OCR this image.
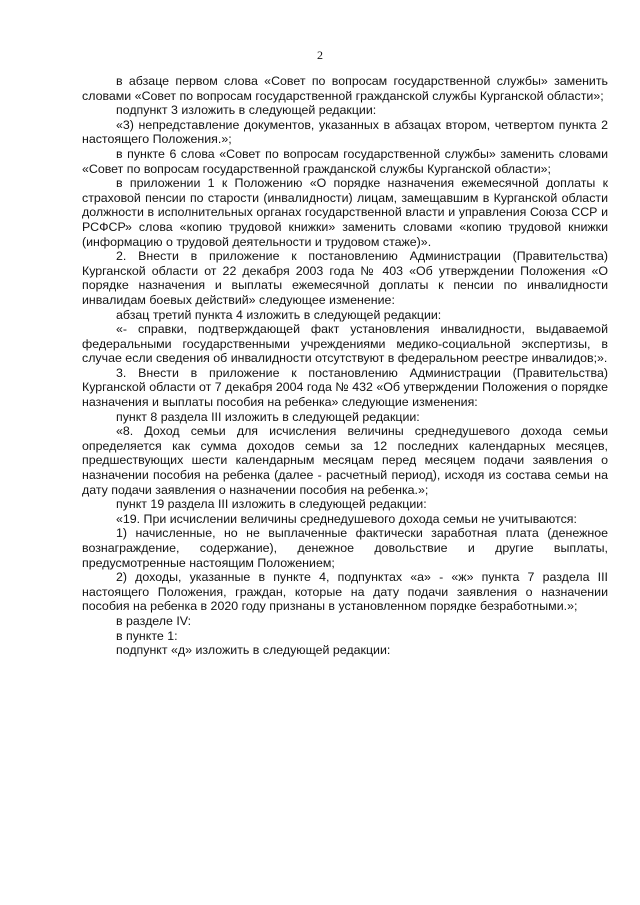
2

в абзаце первом слова «Совет по вопросам государственной службы» заменить словами «Совет по вопросам государственной гражданской службы Курганской области»;

подпункт 3 изложить в следующей редакции:

«3) непредставление документов, указанных в абзацах втором, четвертом пункта 2 настоящего Положения.»;

в пункте 6 слова «Совет по вопросам государственной службы» заменить словами «Совет по вопросам государственной гражданской службы Курганской области»;

в приложении 1 к Положению «О порядке назначения ежемесячной доплаты к страховой пенсии по старости (инвалидности) лицам, замещавшим в Курганской области должности в исполнительных органах государственной власти и управления Союза ССР и РСФСР» слова «копию трудовой книжки» заменить словами «копию трудовой книжки (информацию о трудовой деятельности и трудовом стаже)».

2. Внести в приложение к постановлению Администрации (Правительства) Курганской области от 22 декабря 2003 года № 403 «Об утверждении Положения «О порядке назначения и выплаты ежемесячной доплаты к пенсии по инвалидности инвалидам боевых действий» следующее изменение:

абзац третий пункта 4 изложить в следующей редакции:

«- справки, подтверждающей факт установления инвалидности, выдаваемой федеральными государственными учреждениями медико-социальной экспертизы, в случае если сведения об инвалидности отсутствуют в федеральном реестре инвалидов;».

3. Внести в приложение к постановлению Администрации (Правительства) Курганской области от 7 декабря 2004 года № 432 «Об утверждении Положения о порядке назначения и выплаты пособия на ребенка» следующие изменения:

пункт 8 раздела III изложить в следующей редакции:

«8. Доход семьи для исчисления величины среднедушевого дохода семьи определяется как сумма доходов семьи за 12 последних календарных месяцев, предшествующих шести календарным месяцам перед месяцем подачи заявления о назначении пособия на ребенка (далее - расчетный период), исходя из состава семьи на дату подачи заявления о назначении пособия на ребенка.»;

пункт 19 раздела III изложить в следующей редакции:

«19. При исчислении величины среднедушевого дохода семьи не учитываются:

1) начисленные, но не выплаченные фактически заработная плата (денежное вознаграждение, содержание), денежное довольствие и другие выплаты, предусмотренные настоящим Положением;

2) доходы, указанные в пункте 4, подпунктах «а» - «ж» пункта 7 раздела III настоящего Положения, граждан, которые на дату подачи заявления о назначении пособия на ребенка в 2020 году признаны в установленном порядке безработными.»;

в разделе IV:

в пункте 1:

подпункт «д» изложить в следующей редакции:
